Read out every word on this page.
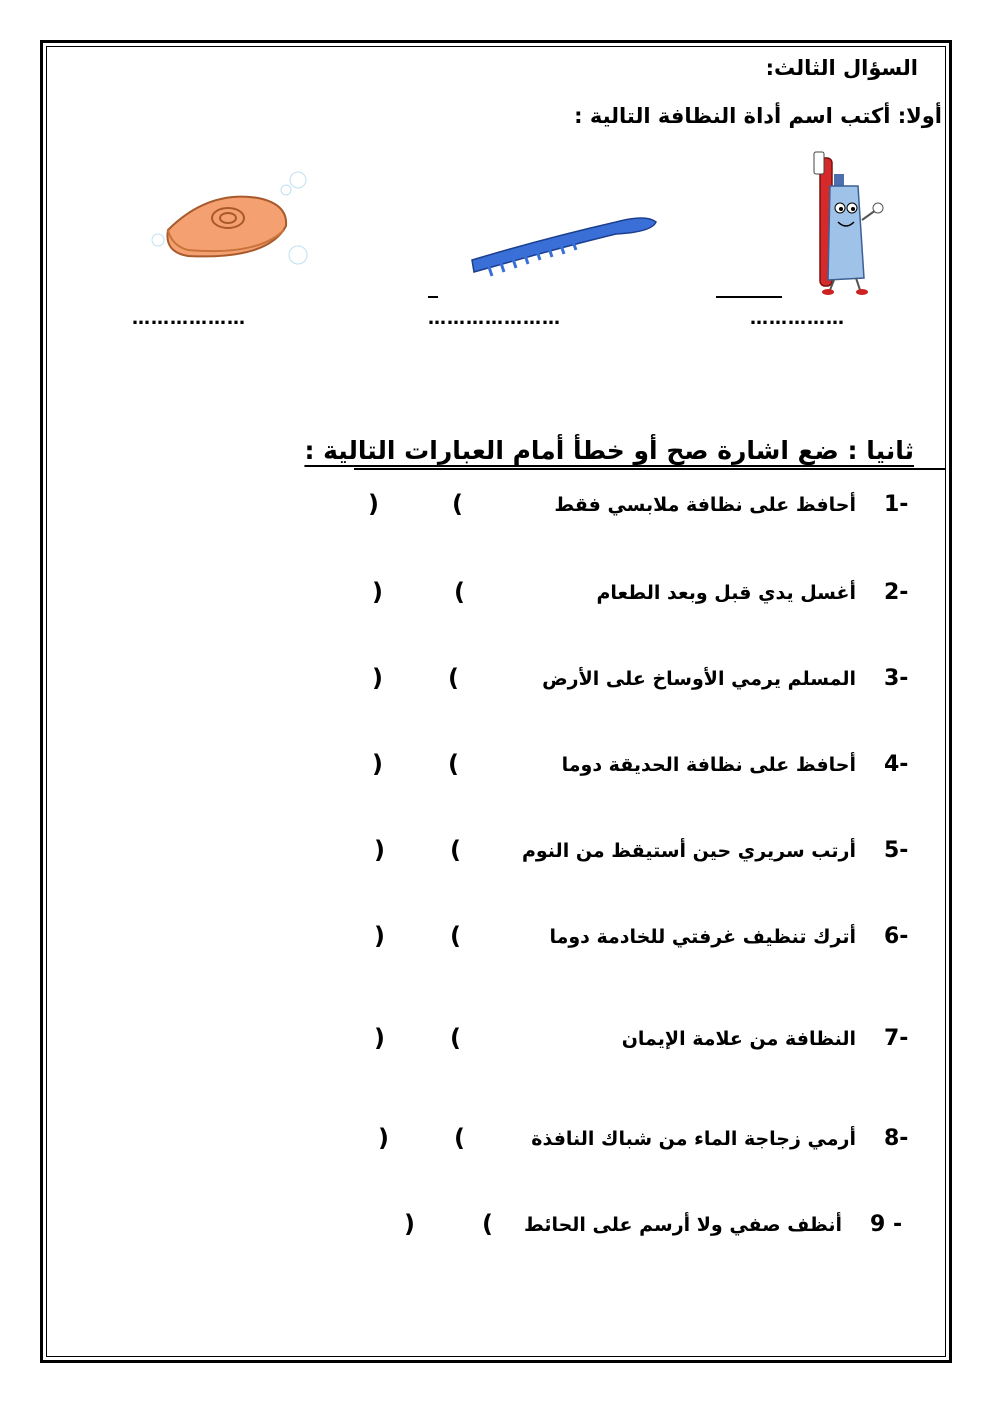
السؤال الثالث:
أولا: أكتب اسم أداة النظافة التالية :
……………
…………………
………………
ثانيا : ضع اشارة صح أو خطأ أمام العبارات التالية :
1-
أحافظ على نظافة ملابسي فقط
(
)
2-
أغسل يدي قبل وبعد الطعام
(
)
3-
المسلم يرمي الأوساخ على الأرض
(
)
4-
أحافظ على نظافة الحديقة دوما
(
)
5-
أرتب سريري حين أستيقظ من النوم
(
)
6-
أترك تنظيف غرفتي للخادمة دوما
(
)
7-
النظافة من علامة الإيمان
(
)
8-
أرمي زجاجة الماء من شباك النافذة
(
)
9 -
أنظف صفي ولا أرسم على الحائط
(
)
